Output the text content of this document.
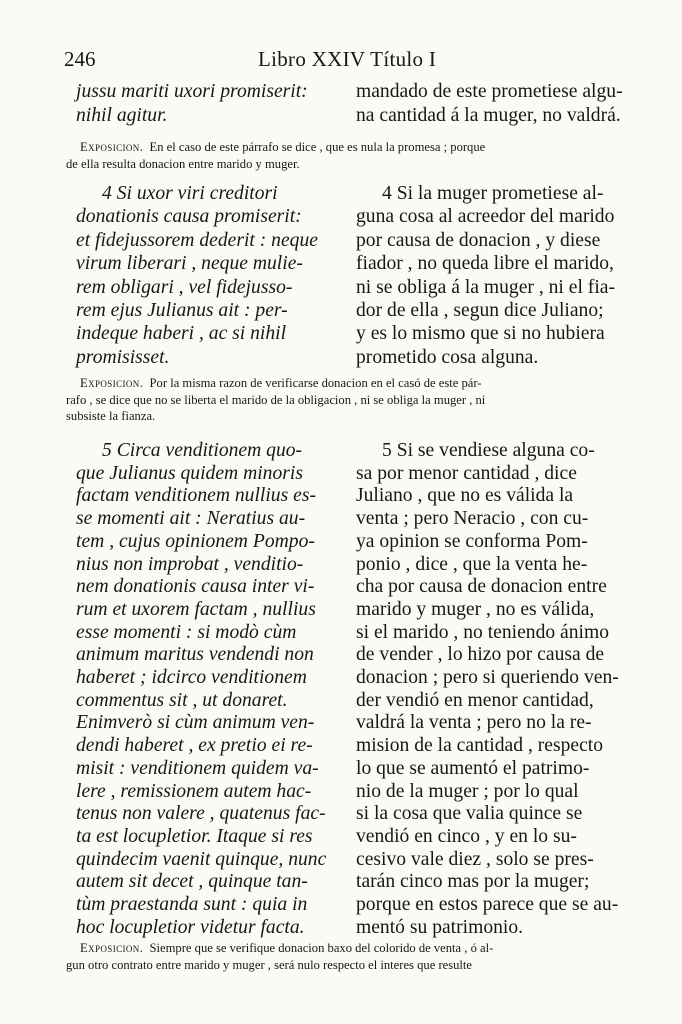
246	Libro XXIV Título I
jussu mariti uxori promiserit:
nihil agitur.
mandado de este prometiese algu-
na cantidad á la muger, no valdrá.
Exposicion. En el caso de este párrafo se dice , que es nula la promesa ; porque
de ella resulta donacion entre marido y muger.
4 Si uxor viri creditori
donationis causa promiserit:
et fidejussorem dederit : neque
virum liberari , neque mulie-
rem obligari , vel fidejusso-
rem ejus Julianus ait : per-
indeque haberi , ac si nihil
promisisset.
4 Si la muger prometiese al-
guna cosa al acreedor del marido
por causa de donacion , y diese
fiador , no queda libre el marido,
ni se obliga á la muger , ni el fia-
dor de ella , segun dice Juliano;
y es lo mismo que si no hubiera
prometido cosa alguna.
Exposicion. Por la misma razon de verificarse donacion en el casó de este pár-
rafo , se dice que no se liberta el marido de la obligacion , ni se obliga la muger , ni
subsiste la fianza.
5 Circa venditionem quo-
que Julianus quidem minoris
factam venditionem nullius es-
se momenti ait : Neratius au-
tem , cujus opinionem Pompo-
nius non improbat , venditio-
nem donationis causa inter vi-
rum et uxorem factam , nullius
esse momenti : si modò cùm
animum maritus vendendi non
haberet ; idcirco venditionem
commentus sit , ut donaret.
Enimverò si cùm animum ven-
dendi haberet , ex pretio ei re-
misit : venditionem quidem va-
lere , remissionem autem hac-
tenus non valere , quatenus fac-
ta est locupletior. Itaque si res
quindecim vaenit quinque, nunc
autem sit decet , quinque tan-
tùm praestanda sunt : quia in
hoc locupletior videtur facta.
5 Si se vendiese alguna co-
sa por menor cantidad , dice
Juliano , que no es válida la
venta ; pero Neracio , con cu-
ya opinion se conforma Pom-
ponio , dice , que la venta he-
cha por causa de donacion entre
marido y muger , no es válida,
si el marido , no teniendo ánimo
de vender , lo hizo por causa de
donacion ; pero si queriendo ven-
der vendió en menor cantidad,
valdrá la venta ; pero no la re-
mision de la cantidad , respecto
lo que se aumentó el patrimo-
nio de la muger ; por lo qual
si la cosa que valia quince se
vendió en cinco , y en lo su-
cesivo vale diez , solo se pres-
tarán cinco mas por la muger;
porque en estos parece que se au-
mentó su patrimonio.
Exposicion. Siempre que se verifique donacion baxo del colorido de venta , ó al-
gun otro contrato entre marido y muger , será nulo respecto el interes que resulte
